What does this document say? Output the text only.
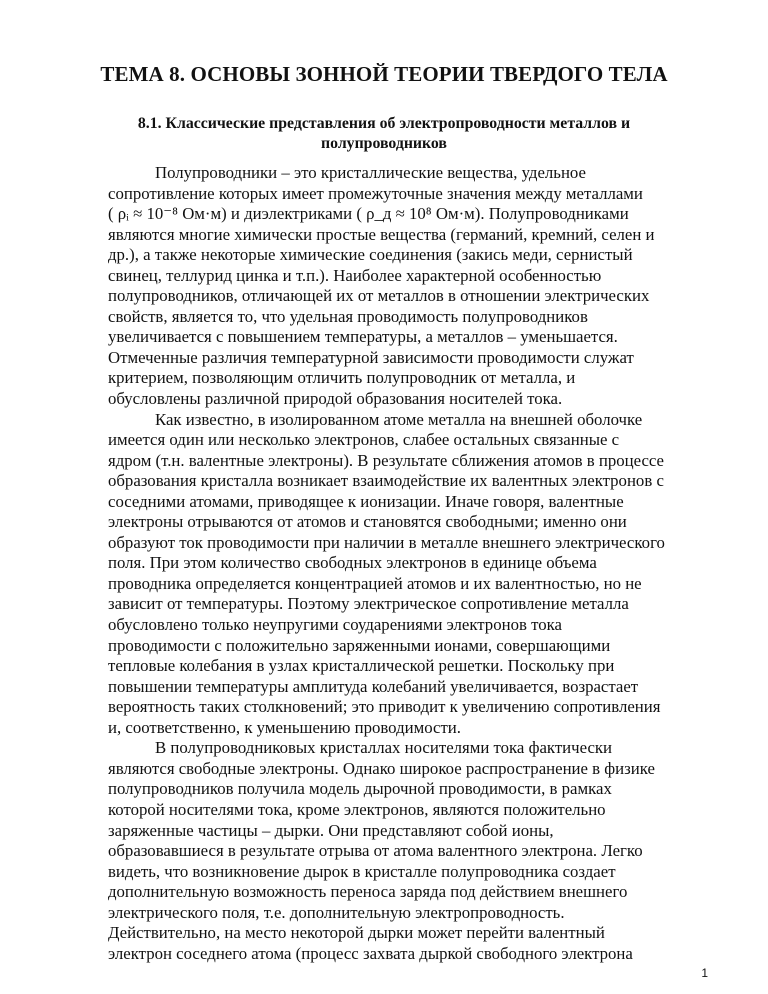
ТЕМА 8. ОСНОВЫ ЗОННОЙ ТЕОРИИ ТВЕРДОГО ТЕЛА
8.1. Классические представления об электропроводности металлов и
полупроводников
Полупроводники – это кристаллические вещества, удельное
сопротивление которых имеет промежуточные значения между металлами
( ρᵢ ≈ 10⁻⁸ Ом·м) и диэлектриками ( ρ_д ≈ 10⁸ Ом·м). Полупроводниками
являются многие химически простые вещества (германий, кремний, селен и
др.), а также некоторые химические соединения (закись меди, сернистый
свинец, теллурид цинка и т.п.). Наиболее характерной особенностью
полупроводников, отличающей их от металлов в отношении электрических
свойств, является то, что удельная проводимость полупроводников
увеличивается с повышением температуры, а металлов – уменьшается.
Отмеченные различия температурной зависимости проводимости служат
критерием, позволяющим отличить полупроводник от металла, и
обусловлены различной природой образования носителей тока.
Как известно, в изолированном атоме металла на внешней оболочке
имеется один или несколько электронов, слабее остальных связанные с
ядром (т.н. валентные электроны). В результате сближения атомов в процессе
образования кристалла возникает взаимодействие их валентных электронов с
соседними атомами, приводящее к ионизации. Иначе говоря, валентные
электроны отрываются от атомов и становятся свободными; именно они
образуют ток проводимости при наличии в металле внешнего электрического
поля. При этом количество свободных электронов в единице объема
проводника определяется концентрацией атомов и их валентностью, но не
зависит от температуры. Поэтому электрическое сопротивление металла
обусловлено только неупругими соударениями электронов тока
проводимости с положительно заряженными ионами, совершающими
тепловые колебания в узлах кристаллической решетки. Поскольку при
повышении температуры амплитуда колебаний увеличивается, возрастает
вероятность таких столкновений; это приводит к увеличению сопротивления
и, соответственно, к уменьшению проводимости.
В полупроводниковых кристаллах носителями тока фактически
являются свободные электроны. Однако широкое распространение в физике
полупроводников получила модель дырочной проводимости, в рамках
которой носителями тока, кроме электронов, являются положительно
заряженные частицы – дырки. Они представляют собой ионы,
образовавшиеся в результате отрыва от атома валентного электрона. Легко
видеть, что возникновение дырок в кристалле полупроводника создает
дополнительную возможность переноса заряда под действием внешнего
электрического поля, т.е. дополнительную электропроводность.
Действительно, на место некоторой дырки может перейти валентный
электрон соседнего атома (процесс захвата дыркой свободного электрона
1
